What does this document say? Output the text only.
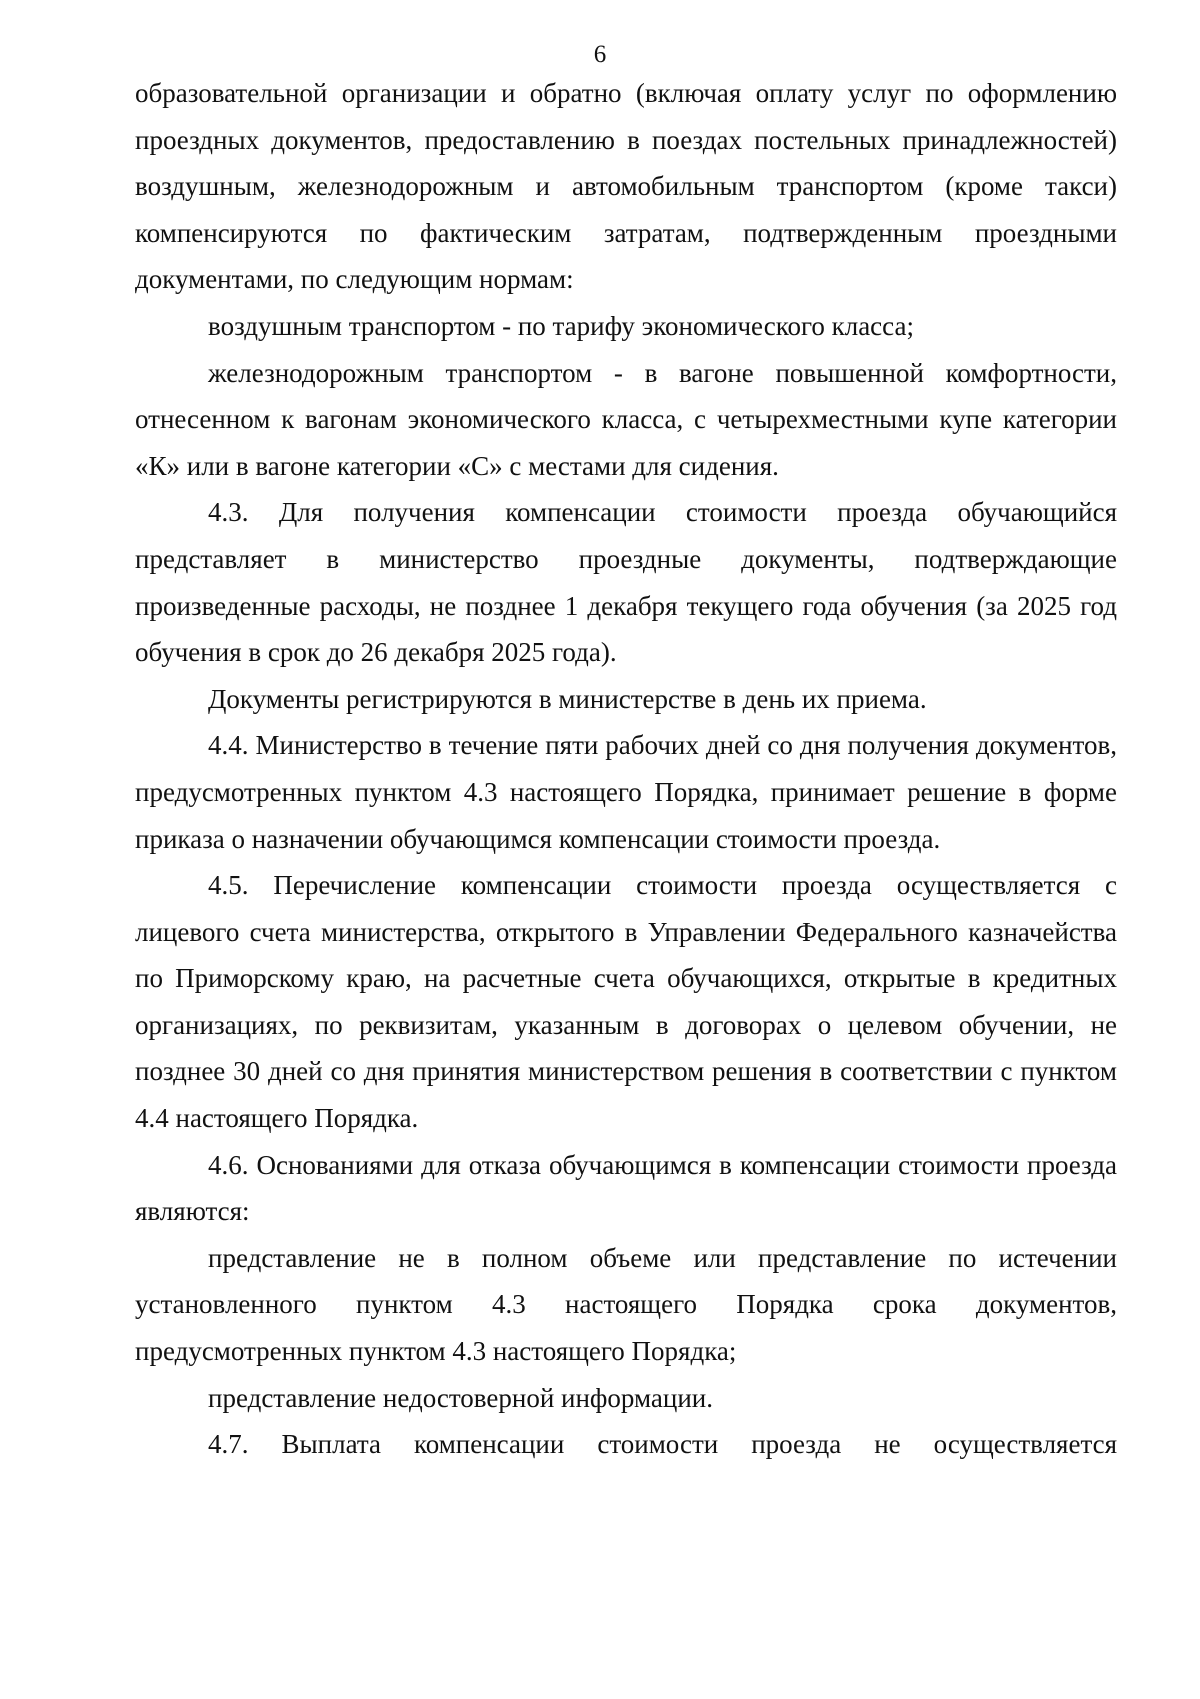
6

образовательной организации и обратно (включая оплату услуг по оформлению проездных документов, предоставлению в поездах постельных принадлежностей) воздушным, железнодорожным и автомобильным транспортом (кроме такси) компенсируются по фактическим затратам, подтвержденным проездными документами, по следующим нормам:

воздушным транспортом - по тарифу экономического класса;

железнодорожным транспортом - в вагоне повышенной комфортности, отнесенном к вагонам экономического класса, с четырехместными купе категории «К» или в вагоне категории «С» с местами для сидения.

4.3. Для получения компенсации стоимости проезда обучающийся представляет в министерство проездные документы, подтверждающие произведенные расходы, не позднее 1 декабря текущего года обучения (за 2025 год обучения в срок до 26 декабря 2025 года).

Документы регистрируются в министерстве в день их приема.

4.4. Министерство в течение пяти рабочих дней со дня получения документов, предусмотренных пунктом 4.3 настоящего Порядка, принимает решение в форме приказа о назначении обучающимся компенсации стоимости проезда.

4.5. Перечисление компенсации стоимости проезда осуществляется с лицевого счета министерства, открытого в Управлении Федерального казначейства по Приморскому краю, на расчетные счета обучающихся, открытые в кредитных организациях, по реквизитам, указанным в договорах о целевом обучении, не позднее 30 дней со дня принятия министерством решения в соответствии с пунктом 4.4 настоящего Порядка.

4.6. Основаниями для отказа обучающимся в компенсации стоимости проезда являются:

представление не в полном объеме или представление по истечении установленного пунктом 4.3 настоящего Порядка срока документов, предусмотренных пунктом 4.3 настоящего Порядка;

представление недостоверной информации.

4.7. Выплата компенсации стоимости проезда не осуществляется
